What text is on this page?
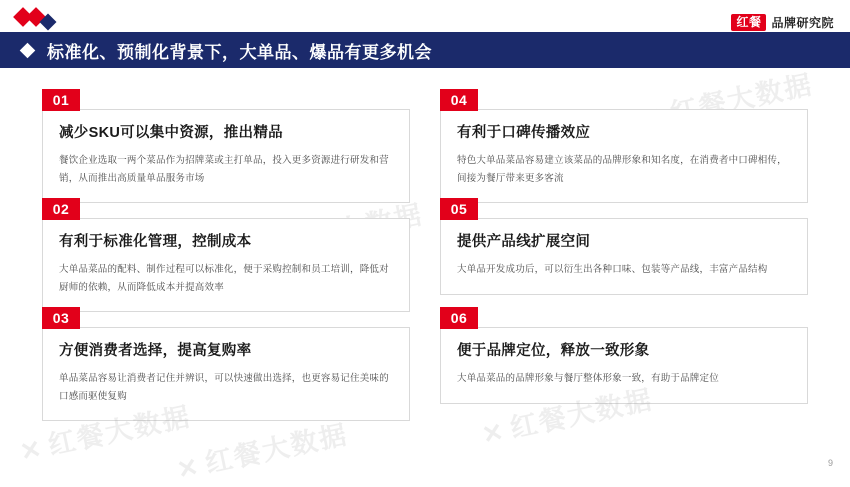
红餐 品牌研究院
标准化、预制化背景下，大单品、爆品有更多机会
红餐大数据
01

减少SKU可以集中资源，推出精品

餐饮企业选取一两个菜品作为招牌菜或主打单品，投入更多资源进行研发和营销，从而推出高质量单品服务市场

02

有利于标准化管理，控制成本

大单品菜品的配料、制作过程可以标准化，便于采购控制和员工培训，降低对厨师的依赖，从而降低成本并提高效率

03

方便消费者选择，提高复购率

单品菜品容易让消费者记住并辨识，可以快速做出选择，也更容易记住美味的口感而驱使复购

04

有利于口碑传播效应

特色大单品菜品容易建立该菜品的品牌形象和知名度，在消费者中口碑相传，间接为餐厅带来更多客流

05

提供产品线扩展空间

大单品开发成功后，可以衍生出各种口味、包装等产品线，丰富产品结构

06

便于品牌定位，释放一致形象

大单品菜品的品牌形象与餐厅整体形象一致，有助于品牌定位

✕红餐大数据
✕红餐大数据	✕红餐大数据
9
